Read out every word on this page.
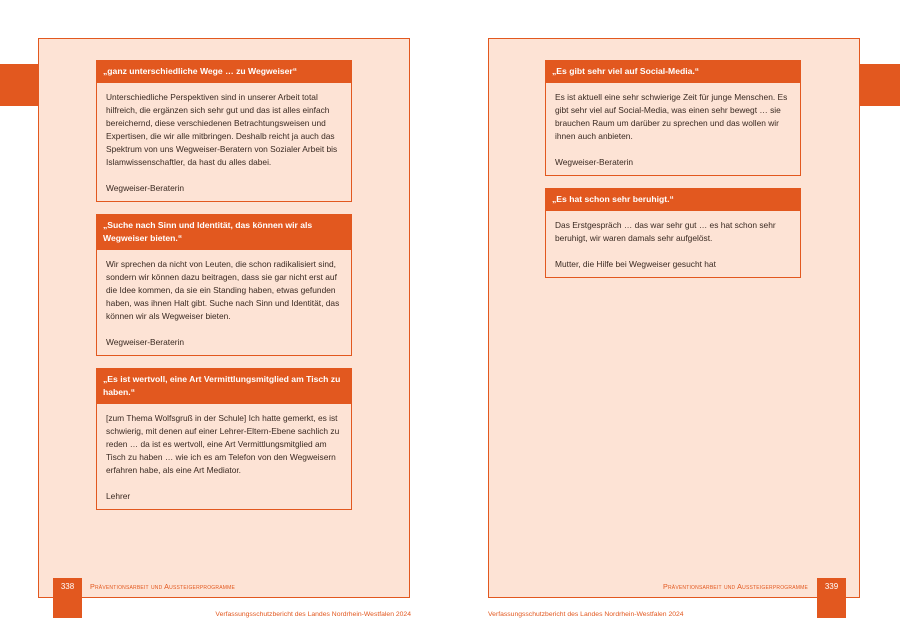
„ganz unterschiedliche Wege … zu Wegweiser“

Unterschiedliche Perspektiven sind in unserer Arbeit total hilfreich, die ergänzen sich sehr gut und das ist alles einfach bereichernd, diese verschiedenen Betrachtungsweisen und Expertisen, die wir alle mitbringen. Deshalb reicht ja auch das Spektrum von uns Wegweiser-Beratern von Sozialer Arbeit bis Islamwissenschaftler, da hast du alles dabei.

Wegweiser-Beraterin

„Suche nach Sinn und Identität, das können wir als Wegweiser bieten.“

Wir sprechen da nicht von Leuten, die schon radikalisiert sind, sondern wir können dazu beitragen, dass sie gar nicht erst auf die Idee kommen, da sie ein Standing haben, etwas gefunden haben, was ihnen Halt gibt. Suche nach Sinn und Identität, das können wir als Wegweiser bieten.

Wegweiser-Beraterin

„Es ist wertvoll, eine Art Vermittlungsmitglied am Tisch zu haben.“

[zum Thema Wolfsgruß in der Schule] Ich hatte gemerkt, es ist schwierig, mit denen auf einer Lehrer-Eltern-Ebene sachlich zu reden … da ist es wertvoll, eine Art Vermittlungsmitglied am Tisch zu haben … wie ich es am Telefon von den Wegweisern erfahren habe, als eine Art Mediator.

Lehrer

„Es gibt sehr viel auf Social-Media.“

Es ist aktuell eine sehr schwierige Zeit für junge Menschen. Es gibt sehr viel auf Social-Media, was einen sehr bewegt … sie brauchen Raum um darüber zu sprechen und das wollen wir ihnen auch anbieten.

Wegweiser-Beraterin

„Es hat schon sehr beruhigt.“

Das Erstgespräch … das war sehr gut … es hat schon sehr beruhigt, wir waren damals sehr aufgelöst.

Mutter, die Hilfe bei Wegweiser gesucht hat

338	Präventionsarbeit und Aussteigerprogramme
Verfassungsschutzbericht des Landes Nordrhein-Westfalen 2024
339
Präventionsarbeit und Aussteigerprogramme
Verfassungsschutzbericht des Landes Nordrhein-Westfalen 2024
